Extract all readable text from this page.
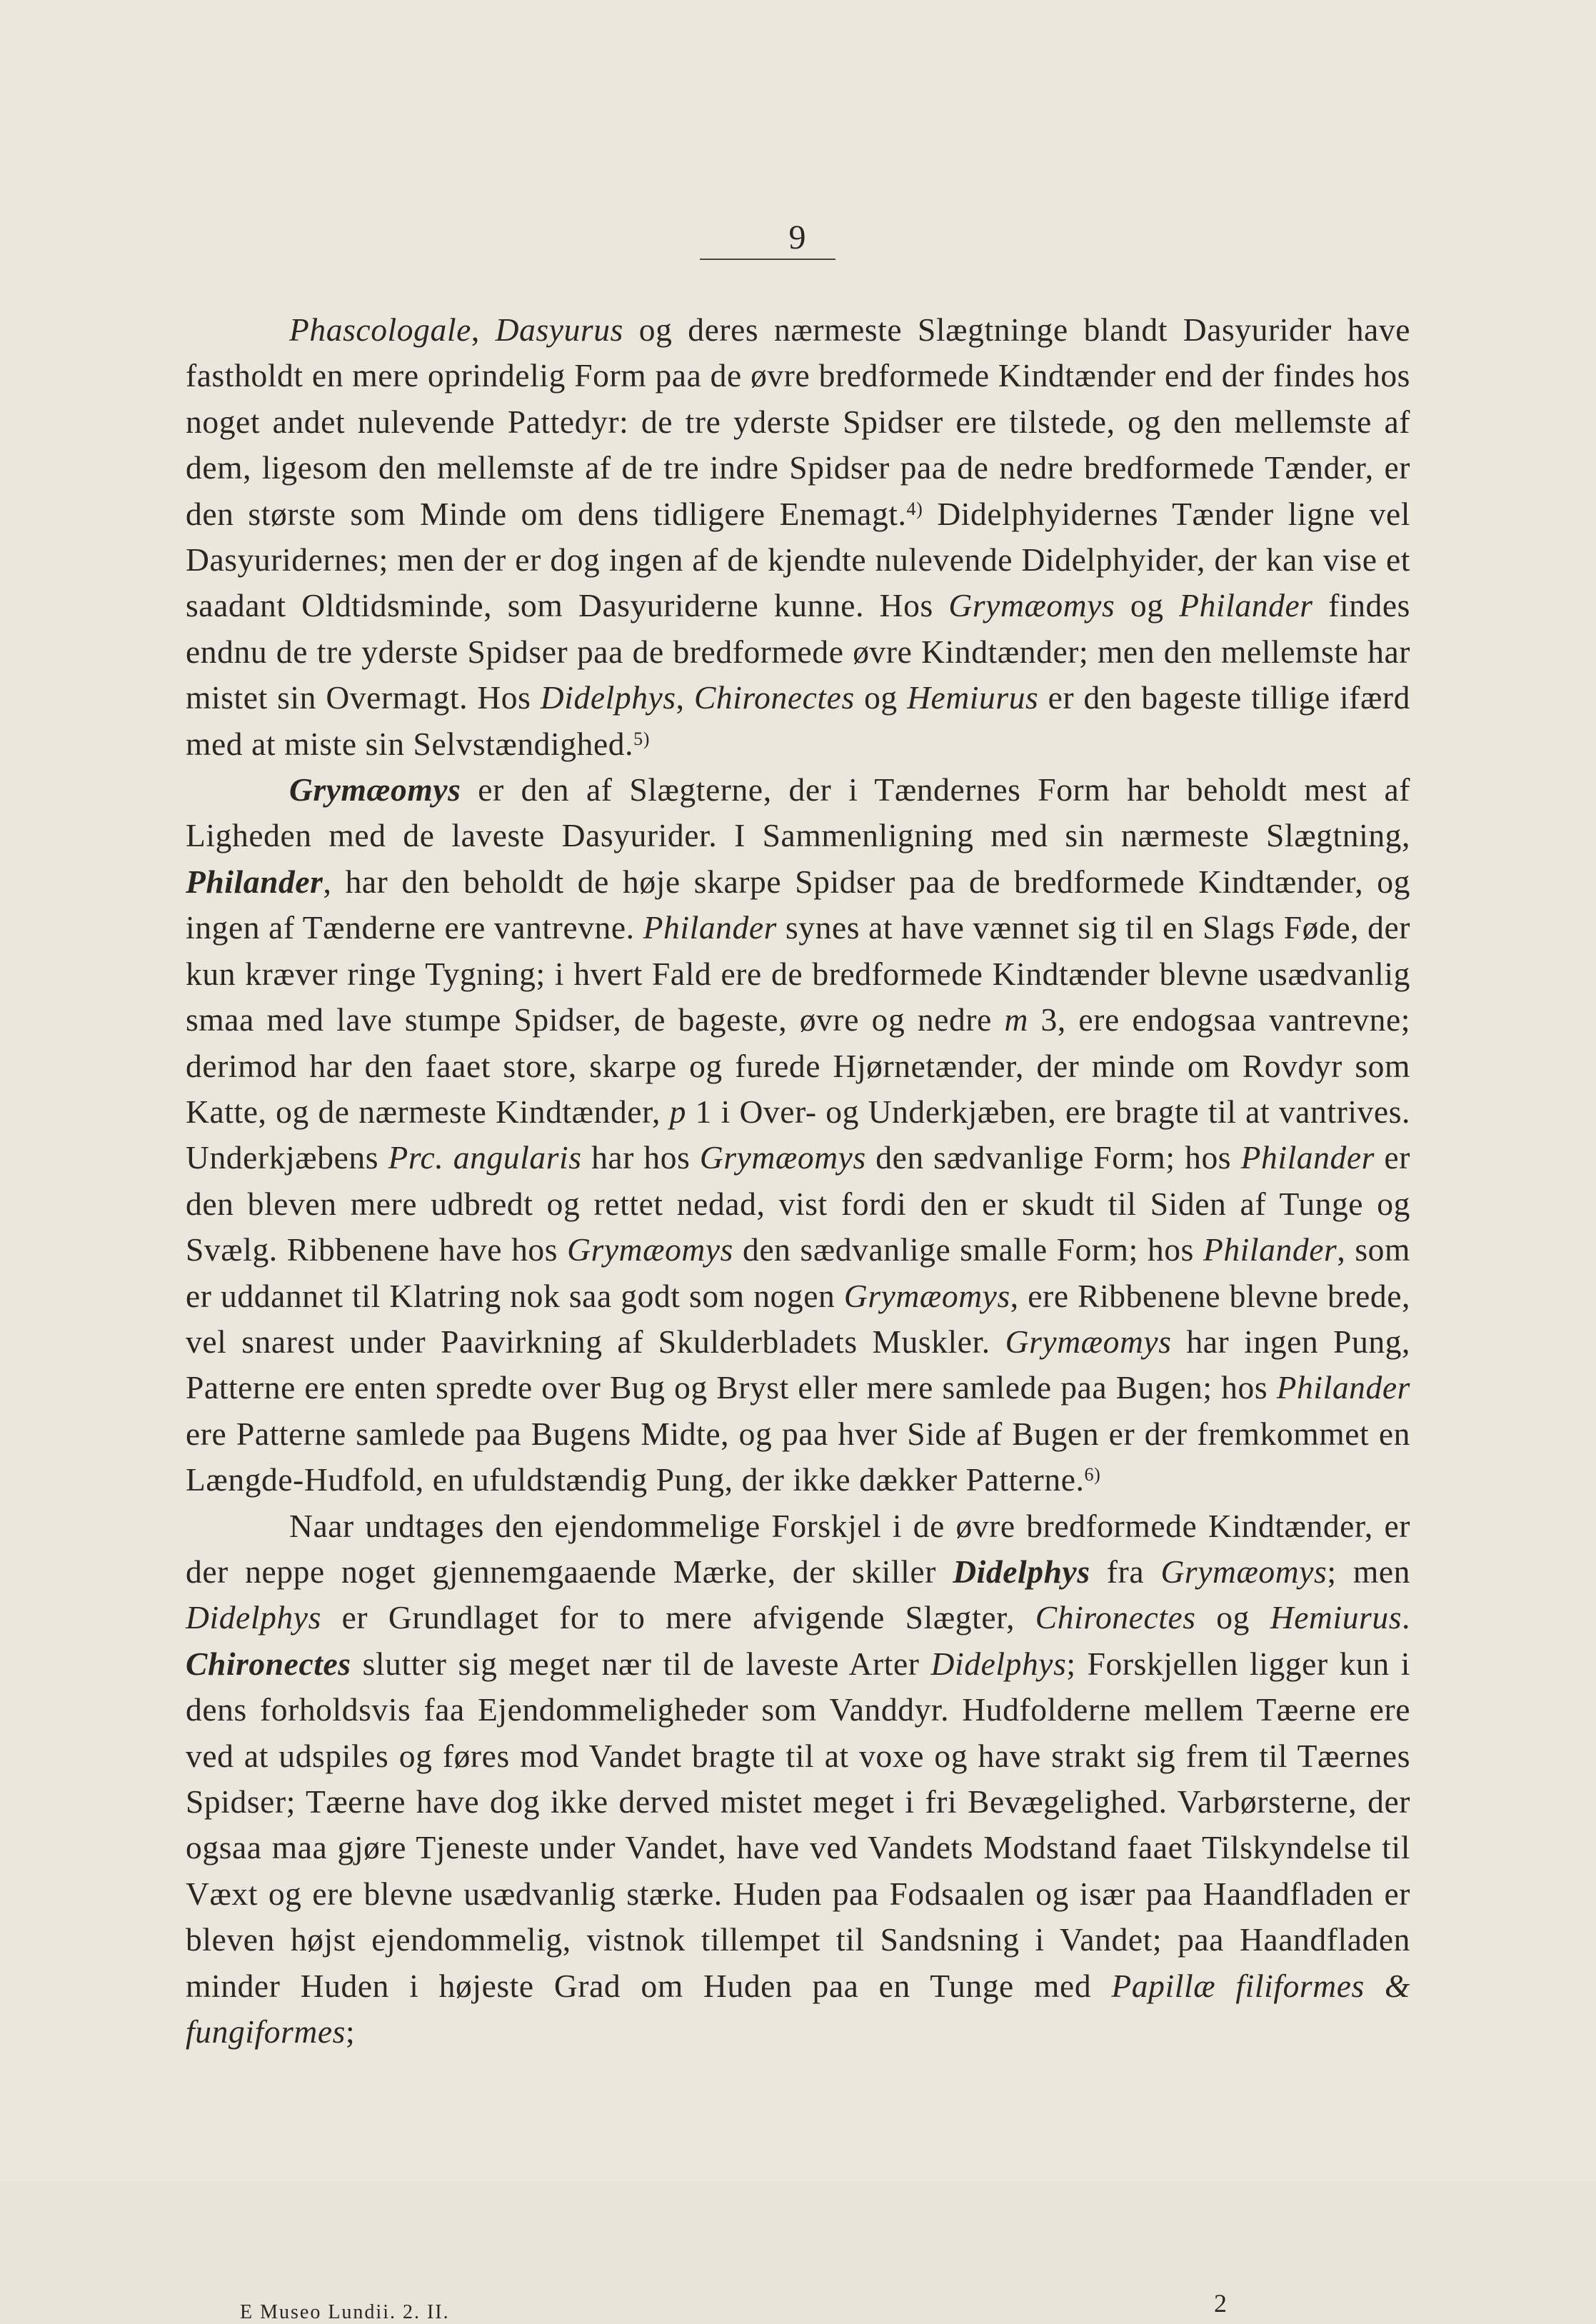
9

Phascologale, Dasyurus og deres nærmeste Slægtninge blandt Dasyurider have fastholdt en mere oprindelig Form paa de øvre bredformede Kindtænder end der findes hos noget andet nulevende Pattedyr: de tre yderste Spidser ere tilstede, og den mellemste af dem, ligesom den mellemste af de tre indre Spidser paa de nedre bredformede Tænder, er den største som Minde om dens tidligere Enemagt.$^{4)}$ Didelphyidernes Tænder ligne vel Dasyuridernes; men der er dog ingen af de kjendte nulevende Didelphyider, der kan vise et saadant Oldtidsminde, som Dasyuriderne kunne. Hos Grymæomys og Philander findes endnu de tre yderste Spidser paa de bredformede øvre Kindtænder; men den mellemste har mistet sin Overmagt. Hos Didelphys, Chironectes og Hemiurus er den bageste tillige ifærd med at miste sin Selvstændighed.$^{5)}$

Grymæomys er den af Slægterne, der i Tændernes Form har beholdt mest af Ligheden med de laveste Dasyurider. I Sammenligning med sin nærmeste Slægtning, Philander, har den beholdt de høje skarpe Spidser paa de bredformede Kindtænder, og ingen af Tænderne ere vantrevne. Philander synes at have vænnet sig til en Slags Føde, der kun kræver ringe Tygning; i hvert Fald ere de bredformede Kindtænder blevne usædvanlig smaa med lave stumpe Spidser, de bageste, øvre og nedre m 3, ere endogsaa vantrevne; derimod har den faaet store, skarpe og furede Hjørnetænder, der minde om Rovdyr som Katte, og de nærmeste Kindtænder, p 1 i Over- og Underkjæben, ere bragte til at vantrives. Underkjæbens Prc. angularis har hos Grymæomys den sædvanlige Form; hos Philander er den bleven mere udbredt og rettet nedad, vist fordi den er skudt til Siden af Tunge og Svælg. Ribbenene have hos Grymæomys den sædvanlige smalle Form; hos Philander, som er uddannet til Klatring nok saa godt som nogen Grymæomys, ere Ribbenene blevne brede, vel snarest under Paavirkning af Skulderbladets Muskler. Grymæomys har ingen Pung, Patterne ere enten spredte over Bug og Bryst eller mere samlede paa Bugen; hos Philander ere Patterne samlede paa Bugens Midte, og paa hver Side af Bugen er der fremkommet en Længde-Hudfold, en ufuldstændig Pung, der ikke dækker Patterne.$^{6)}$

Naar undtages den ejendommelige Forskjel i de øvre bredformede Kindtænder, er der neppe noget gjennemgaaende Mærke, der skiller Didelphys fra Grymæomys; men Didelphys er Grundlaget for to mere afvigende Slægter, Chironectes og Hemiurus. Chironectes slutter sig meget nær til de laveste Arter Didelphys; Forskjellen ligger kun i dens forholdsvis faa Ejendommeligheder som Vanddyr. Hudfolderne mellem Tæerne ere ved at udspiles og føres mod Vandet bragte til at voxe og have strakt sig frem til Tæernes Spidser; Tæerne have dog ikke derved mistet meget i fri Bevægelighed. Varbørsterne, der ogsaa maa gjøre Tjeneste under Vandet, have ved Vandets Modstand faaet Tilskyndelse til Væxt og ere blevne usædvanlig stærke. Huden paa Fodsaalen og især paa Haandfladen er bleven højst ejendommelig, vistnok tillempet til Sandsning i Vandet; paa Haandfladen minder Huden i højeste Grad om Huden paa en Tunge med Papillæ filiformes & fungiformes;

E Museo Lundii. 2. II.	2
